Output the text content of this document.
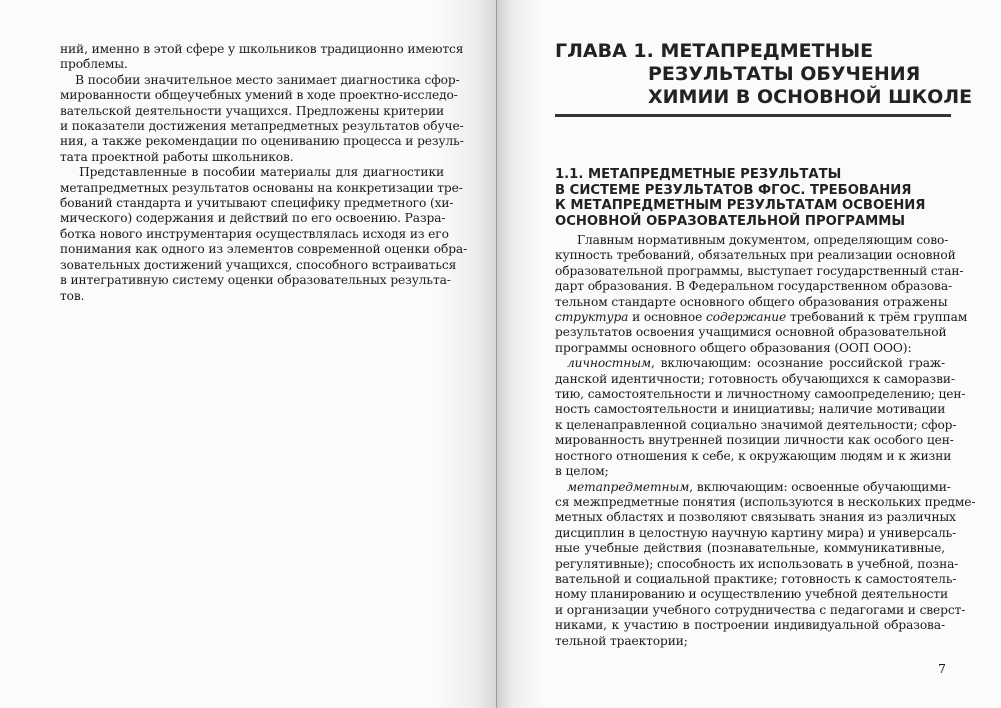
ний, именно в этой сфере у школьников традиционно имеются
проблемы.
В пособии значительное место занимает диагностика сфор-
мированности общеучебных умений в ходе проектно-исследо-
вательской деятельности учащихся. Предложены критерии
и показатели достижения метапредметных результатов обуче-
ния, а также рекомендации по оцениванию процесса и резуль-
тата проектной работы школьников.
Представленные в пособии материалы для диагностики
метапредметных результатов основаны на конкретизации тре-
бований стандарта и учитывают специфику предметного (хи-
мического) содержания и действий по его освоению. Разра-
ботка нового инструментария осуществлялась исходя из его
понимания как одного из элементов современной оценки обра-
зовательных достижений учащихся, способного встраиваться
в интегративную систему оценки образовательных результа-
тов.
ГЛАВА 1. МЕТАПРЕДМЕТНЫЕ
РЕЗУЛЬТАТЫ ОБУЧЕНИЯ
ХИМИИ В ОСНОВНОЙ ШКОЛЕ
1.1. МЕТАПРЕДМЕТНЫЕ РЕЗУЛЬТАТЫ
В СИСТЕМЕ РЕЗУЛЬТАТОВ ФГОС. ТРЕБОВАНИЯ
К МЕТАПРЕДМЕТНЫМ РЕЗУЛЬТАТАМ ОСВОЕНИЯ
ОСНОВНОЙ ОБРАЗОВАТЕЛЬНОЙ ПРОГРАММЫ
Главным нормативным документом, определяющим сово-
купность требований, обязательных при реализации основной
образовательной программы, выступает государственный стан-
дарт образования. В Федеральном государственном образова-
тельном стандарте основного общего образования отражены
структура и основное содержание требований к трём группам
результатов освоения учащимися основной образовательной
программы основного общего образования (ООП ООО):
личностным, включающим: осознание российской граж-
данской идентичности; готовность обучающихся к саморазви-
тию, самостоятельности и личностному самоопределению; цен-
ность самостоятельности и инициативы; наличие мотивации
к целенаправленной социально значимой деятельности; сфор-
мированность внутренней позиции личности как особого цен-
ностного отношения к себе, к окружающим людям и к жизни
в целом;
метапредметным, включающим: освоенные обучающими-
ся межпредметные понятия (используются в нескольких предме-
метных областях и позволяют связывать знания из различных
дисциплин в целостную научную картину мира) и универсаль-
ные учебные действия (познавательные, коммуникативные,
регулятивные); способность их использовать в учебной, позна-
вательной и социальной практике; готовность к самостоятель-
ному планированию и осуществлению учебной деятельности
и организации учебного сотрудничества с педагогами и сверст-
никами, к участию в построении индивидуальной образова-
тельной траектории;
7
